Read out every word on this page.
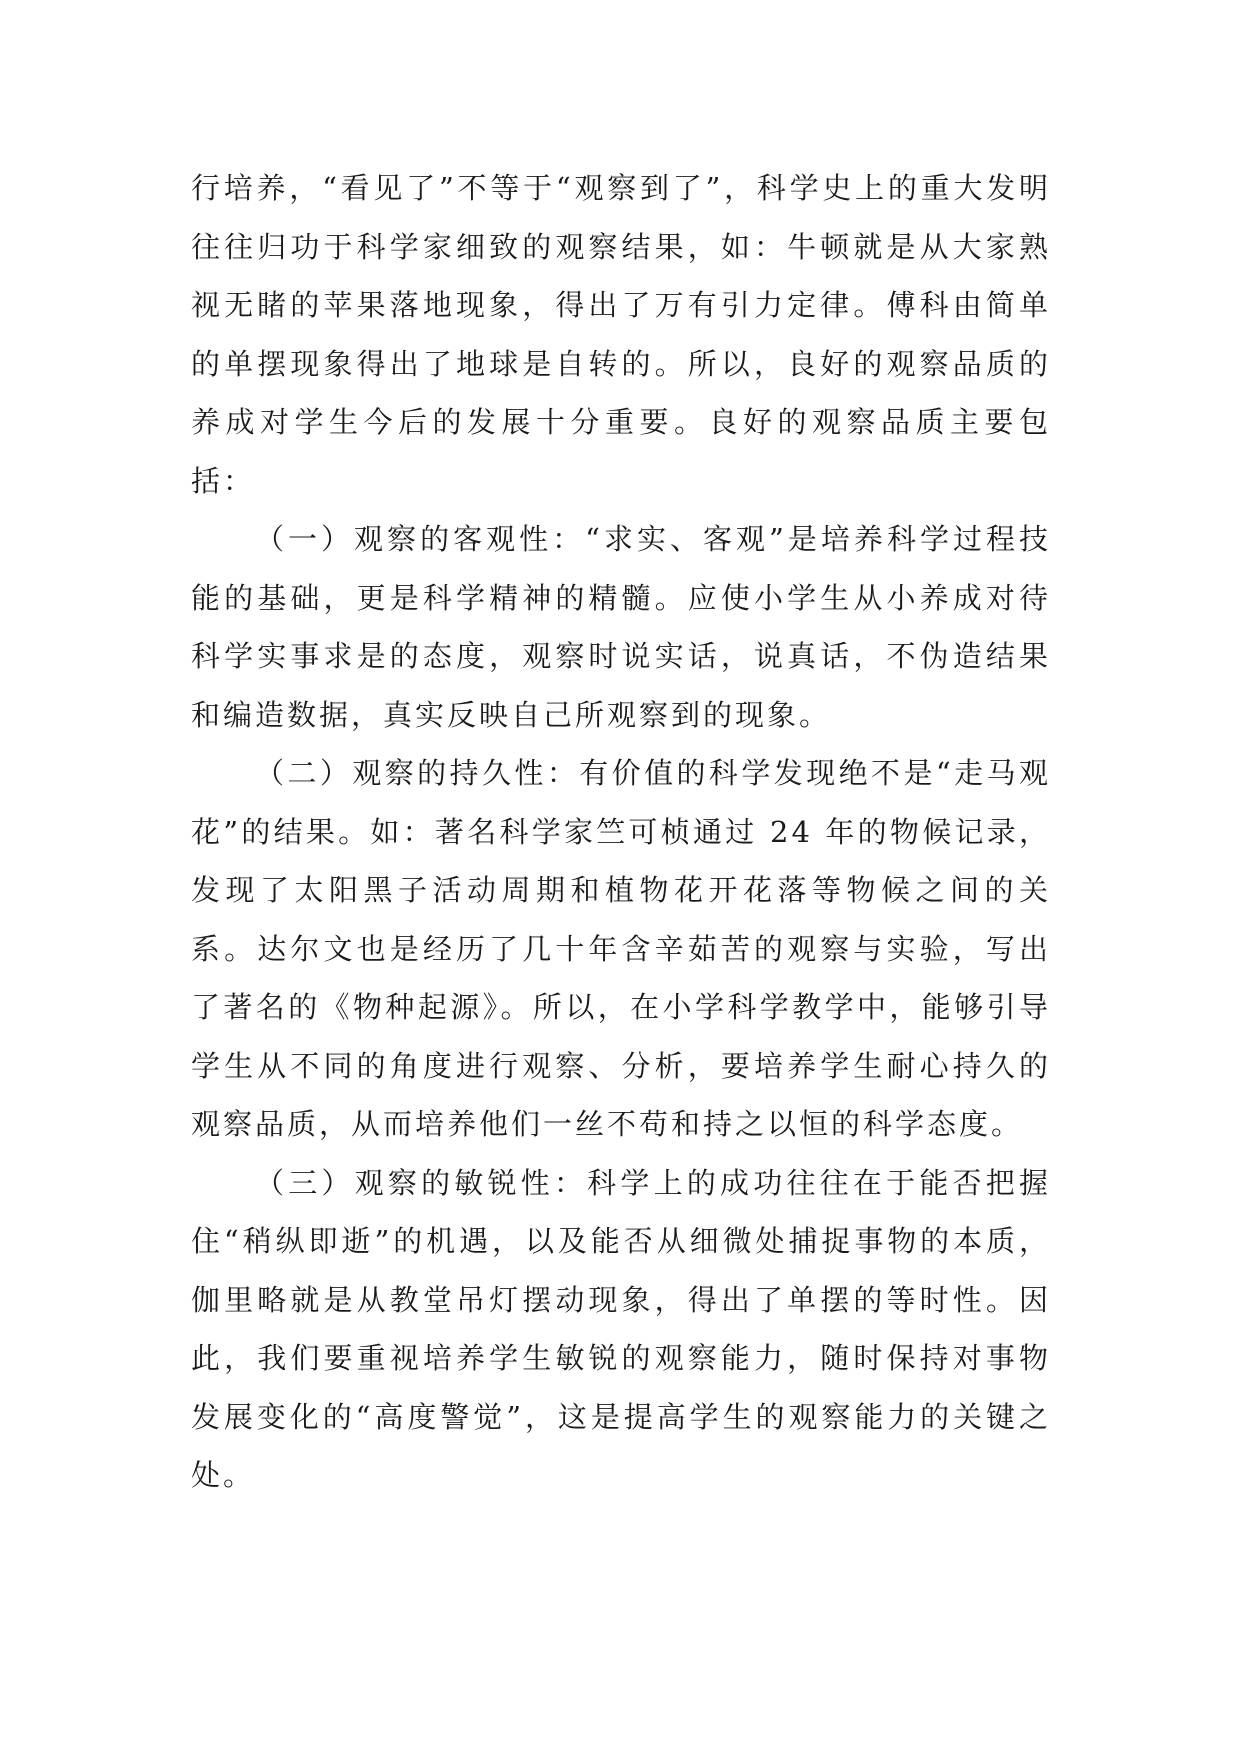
行培养，“看见了”不等于“观察到了”，科学史上的重大发明往往归功于科学家细致的观察结果，如：牛顿就是从大家熟视无睹的苹果落地现象，得出了万有引力定律。傅科由简单的单摆现象得出了地球是自转的。所以，良好的观察品质的养成对学生今后的发展十分重要。良好的观察品质主要包括：

（一）观察的客观性：“求实、客观”是培养科学过程技能的基础，更是科学精神的精髓。应使小学生从小养成对待科学实事求是的态度，观察时说实话，说真话，不伪造结果和编造数据，真实反映自己所观察到的现象。

（二）观察的持久性：有价值的科学发现绝不是“走马观花”的结果。如：著名科学家竺可桢通过 24 年的物候记录，发现了太阳黑子活动周期和植物花开花落等物候之间的关系。达尔文也是经历了几十年含辛茹苦的观察与实验，写出了著名的《物种起源》。所以，在小学科学教学中，能够引导学生从不同的角度进行观察、分析，要培养学生耐心持久的观察品质，从而培养他们一丝不苟和持之以恒的科学态度。

（三）观察的敏锐性：科学上的成功往往在于能否把握住“稍纵即逝”的机遇，以及能否从细微处捕捉事物的本质，伽里略就是从教堂吊灯摆动现象，得出了单摆的等时性。因此，我们要重视培养学生敏锐的观察能力，随时保持对事物发展变化的“高度警觉”，这是提高学生的观察能力的关键之处。
